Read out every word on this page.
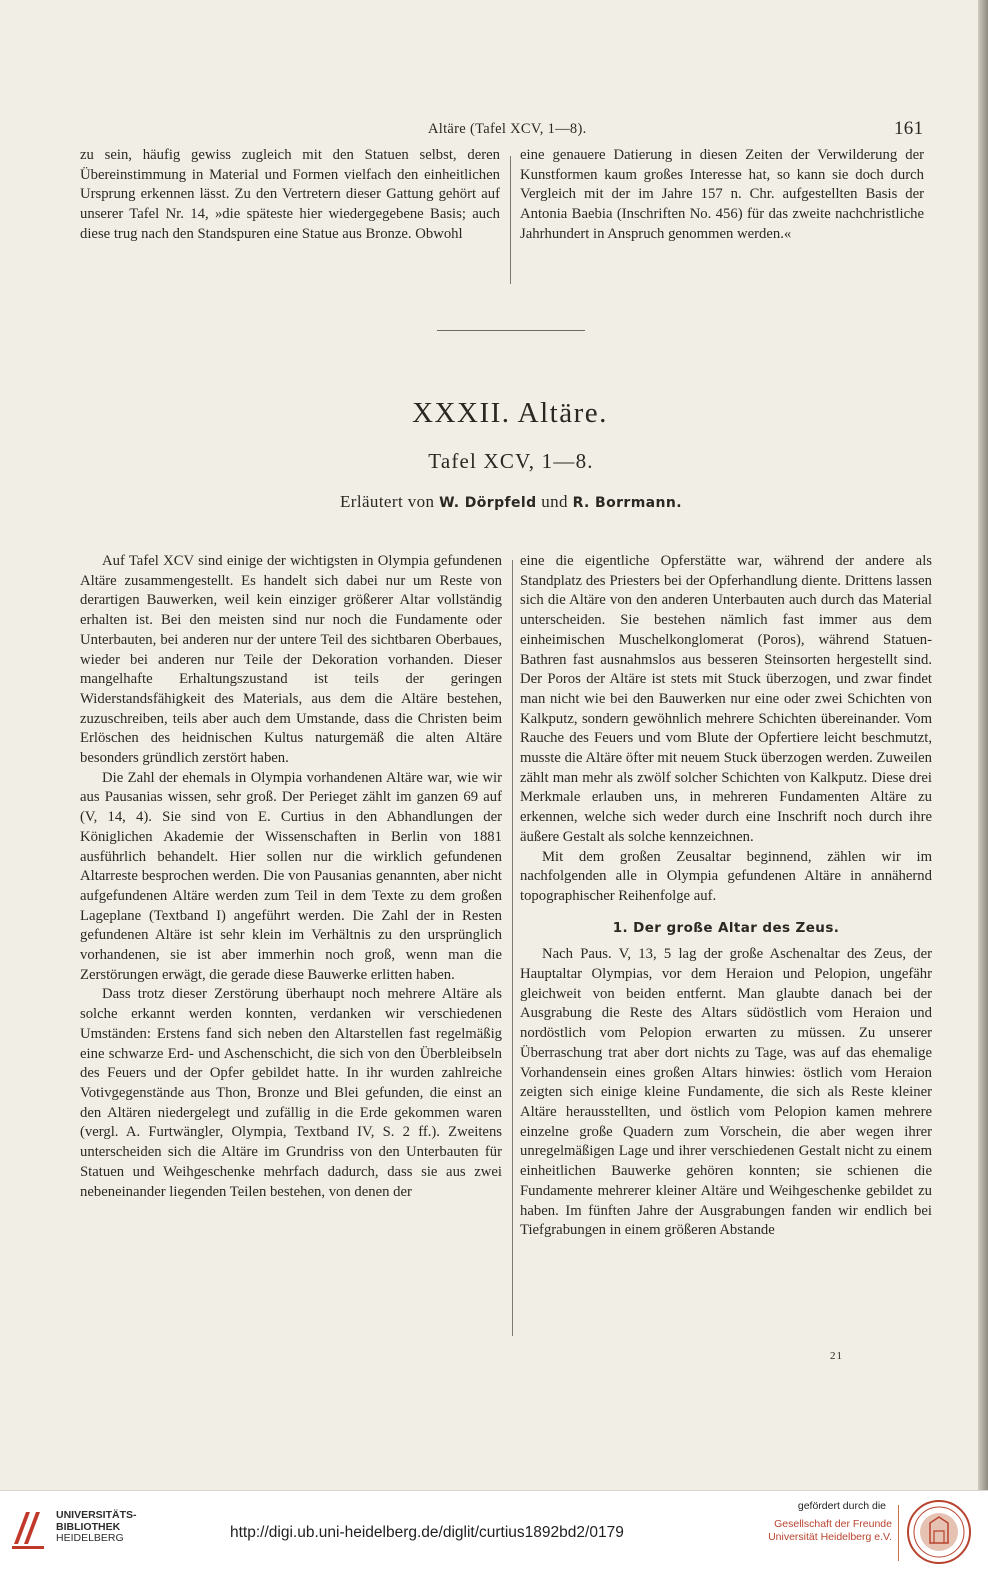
Altäre (Tafel XCV, 1—8).	161

zu sein, häufig gewiss zugleich mit den Statuen selbst, deren Übereinstimmung in Material und Formen vielfach den einheitlichen Ursprung erkennen lässt. Zu den Vertretern dieser Gattung gehört auf unserer Tafel Nr. 14, »die späteste hier wiedergegebene Basis; auch diese trug nach den Standspuren eine Statue aus Bronze. Obwohl

eine genauere Datierung in diesen Zeiten der Verwilderung der Kunstformen kaum großes Interesse hat, so kann sie doch durch Vergleich mit der im Jahre 157 n. Chr. aufgestellten Basis der Antonia Baebia (Inschriften No. 456) für das zweite nachchristliche Jahrhundert in Anspruch genommen werden.«

XXXII. Altäre.
Tafel XCV, 1—8.
Erläutert von W. Dörpfeld und R. Borrmann.

Auf Tafel XCV sind einige der wichtigsten in Olympia gefundenen Altäre zusammengestellt. Es handelt sich dabei nur um Reste von derartigen Bauwerken, weil kein einziger größerer Altar vollständig erhalten ist. Bei den meisten sind nur noch die Fundamente oder Unterbauten, bei anderen nur der untere Teil des sichtbaren Oberbaues, wieder bei anderen nur Teile der Dekoration vorhanden. Dieser mangelhafte Erhaltungszustand ist teils der geringen Widerstandsfähigkeit des Materials, aus dem die Altäre bestehen, zuzuschreiben, teils aber auch dem Umstande, dass die Christen beim Erlöschen des heidnischen Kultus naturgemäß die alten Altäre besonders gründlich zerstört haben.

Die Zahl der ehemals in Olympia vorhandenen Altäre war, wie wir aus Pausanias wissen, sehr groß. Der Perieget zählt im ganzen 69 auf (V, 14, 4). Sie sind von E. Curtius in den Abhandlungen der Königlichen Akademie der Wissenschaften in Berlin von 1881 ausführlich behandelt. Hier sollen nur die wirklich gefundenen Altarreste besprochen werden. Die von Pausanias genannten, aber nicht aufgefundenen Altäre werden zum Teil in dem Texte zu dem großen Lageplane (Textband I) angeführt werden. Die Zahl der in Resten gefundenen Altäre ist sehr klein im Verhältnis zu den ursprünglich vorhandenen, sie ist aber immerhin noch groß, wenn man die Zerstörungen erwägt, die gerade diese Bauwerke erlitten haben.

Dass trotz dieser Zerstörung überhaupt noch mehrere Altäre als solche erkannt werden konnten, verdanken wir verschiedenen Umständen: Erstens fand sich neben den Altarstellen fast regelmäßig eine schwarze Erd- und Aschenschicht, die sich von den Überbleibseln des Feuers und der Opfer gebildet hatte. In ihr wurden zahlreiche Votivgegenstände aus Thon, Bronze und Blei gefunden, die einst an den Altären niedergelegt und zufällig in die Erde gekommen waren (vergl. A. Furtwängler, Olympia, Textband IV, S. 2 ff.). Zweitens unterscheiden sich die Altäre im Grundriss von den Unterbauten für Statuen und Weihgeschenke mehrfach dadurch, dass sie aus zwei nebeneinander liegenden Teilen bestehen, von denen der

eine die eigentliche Opferstätte war, während der andere als Standplatz des Priesters bei der Opferhandlung diente. Drittens lassen sich die Altäre von den anderen Unterbauten auch durch das Material unterscheiden. Sie bestehen nämlich fast immer aus dem einheimischen Muschelkonglomerat (Poros), während Statuen-Bathren fast ausnahmslos aus besseren Steinsorten hergestellt sind. Der Poros der Altäre ist stets mit Stuck überzogen, und zwar findet man nicht wie bei den Bauwerken nur eine oder zwei Schichten von Kalkputz, sondern gewöhnlich mehrere Schichten übereinander. Vom Rauche des Feuers und vom Blute der Opfertiere leicht beschmutzt, musste die Altäre öfter mit neuem Stuck überzogen werden. Zuweilen zählt man mehr als zwölf solcher Schichten von Kalkputz. Diese drei Merkmale erlauben uns, in mehreren Fundamenten Altäre zu erkennen, welche sich weder durch eine Inschrift noch durch ihre äußere Gestalt als solche kennzeichnen.

Mit dem großen Zeusaltar beginnend, zählen wir im nachfolgenden alle in Olympia gefundenen Altäre in annähernd topographischer Reihenfolge auf.

1. Der große Altar des Zeus.

Nach Paus. V, 13, 5 lag der große Aschenaltar des Zeus, der Hauptaltar Olympias, vor dem Heraion und Pelopion, ungefähr gleichweit von beiden entfernt. Man glaubte danach bei der Ausgrabung die Reste des Altars südöstlich vom Heraion und nordöstlich vom Pelopion erwarten zu müssen. Zu unserer Überraschung trat aber dort nichts zu Tage, was auf das ehemalige Vorhandensein eines großen Altars hinwies: östlich vom Heraion zeigten sich einige kleine Fundamente, die sich als Reste kleiner Altäre herausstellten, und östlich vom Pelopion kamen mehrere einzelne große Quadern zum Vorschein, die aber wegen ihrer unregelmäßigen Lage und ihrer verschiedenen Gestalt nicht zu einem einheitlichen Bauwerke gehören konnten; sie schienen die Fundamente mehrerer kleiner Altäre und Weihgeschenke gebildet zu haben. Im fünften Jahre der Ausgrabungen fanden wir endlich bei Tiefgrabungen in einem größeren Abstande

21
UNIVERSITÄTS-
BIBLIOTHEK
HEIDELBERG	http://digi.ub.uni-heidelberg.de/diglit/curtius1892bd2/0179
gefördert durch die
Gesellschaft der Freunde
Universität Heidelberg e.V.
